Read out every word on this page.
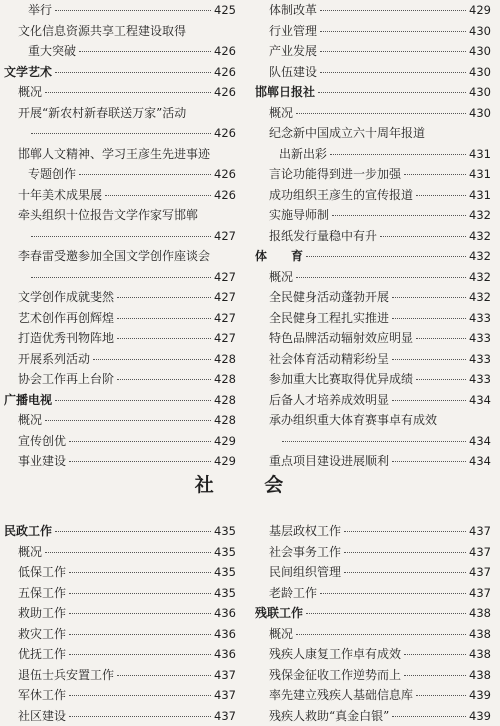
举行	425
文化信息资源共享工程建设取得
重大突破	426
文学艺术	426
概况	426
开展“新农村新春联送万家”活动
426
邯郸人文精神、学习王彦生先进事迹
专题创作	426
十年美术成果展	426
牵头组织十位报告文学作家写邯郸
427
李春雷受邀参加全国文学创作座谈会
427
文学创作成就斐然	427
艺术创作再创辉煌	427
打造优秀刊物阵地	427
开展系列活动	428
协会工作再上台阶	428
广播电视	428
概况	428
宣传创优	429
事业建设	429
体制改革	429
行业管理	430
产业发展	430
队伍建设	430
邯郸日报社	430
概况	430
纪念新中国成立六十周年报道
出新出彩	431
言论功能得到进一步加强	431
成功组织王彦生的宣传报道	431
实施导师制	432
报纸发行量稳中有升	432
体　　育	432
概况	432
全民健身活动蓬勃开展	432
全民健身工程扎实推进	433
特色品牌活动辐射效应明显	433
社会体育活动精彩纷呈	433
参加重大比赛取得优异成绩	433
后备人才培养成效明显	434
承办组织重大体育赛事卓有成效
434
重点项目建设进展顺利	434
社 会
民政工作	435
概况	435
低保工作	435
五保工作	435
救助工作	436
救灾工作	436
优抚工作	436
退伍士兵安置工作	437
军休工作	437
社区建设	437
基层政权工作	437
社会事务工作	437
民间组织管理	437
老龄工作	437
残联工作	438
概况	438
残疾人康复工作卓有成效	438
残保金征收工作逆势而上	438
率先建立残疾人基础信息库	439
残疾人救助“真金白银”	439
